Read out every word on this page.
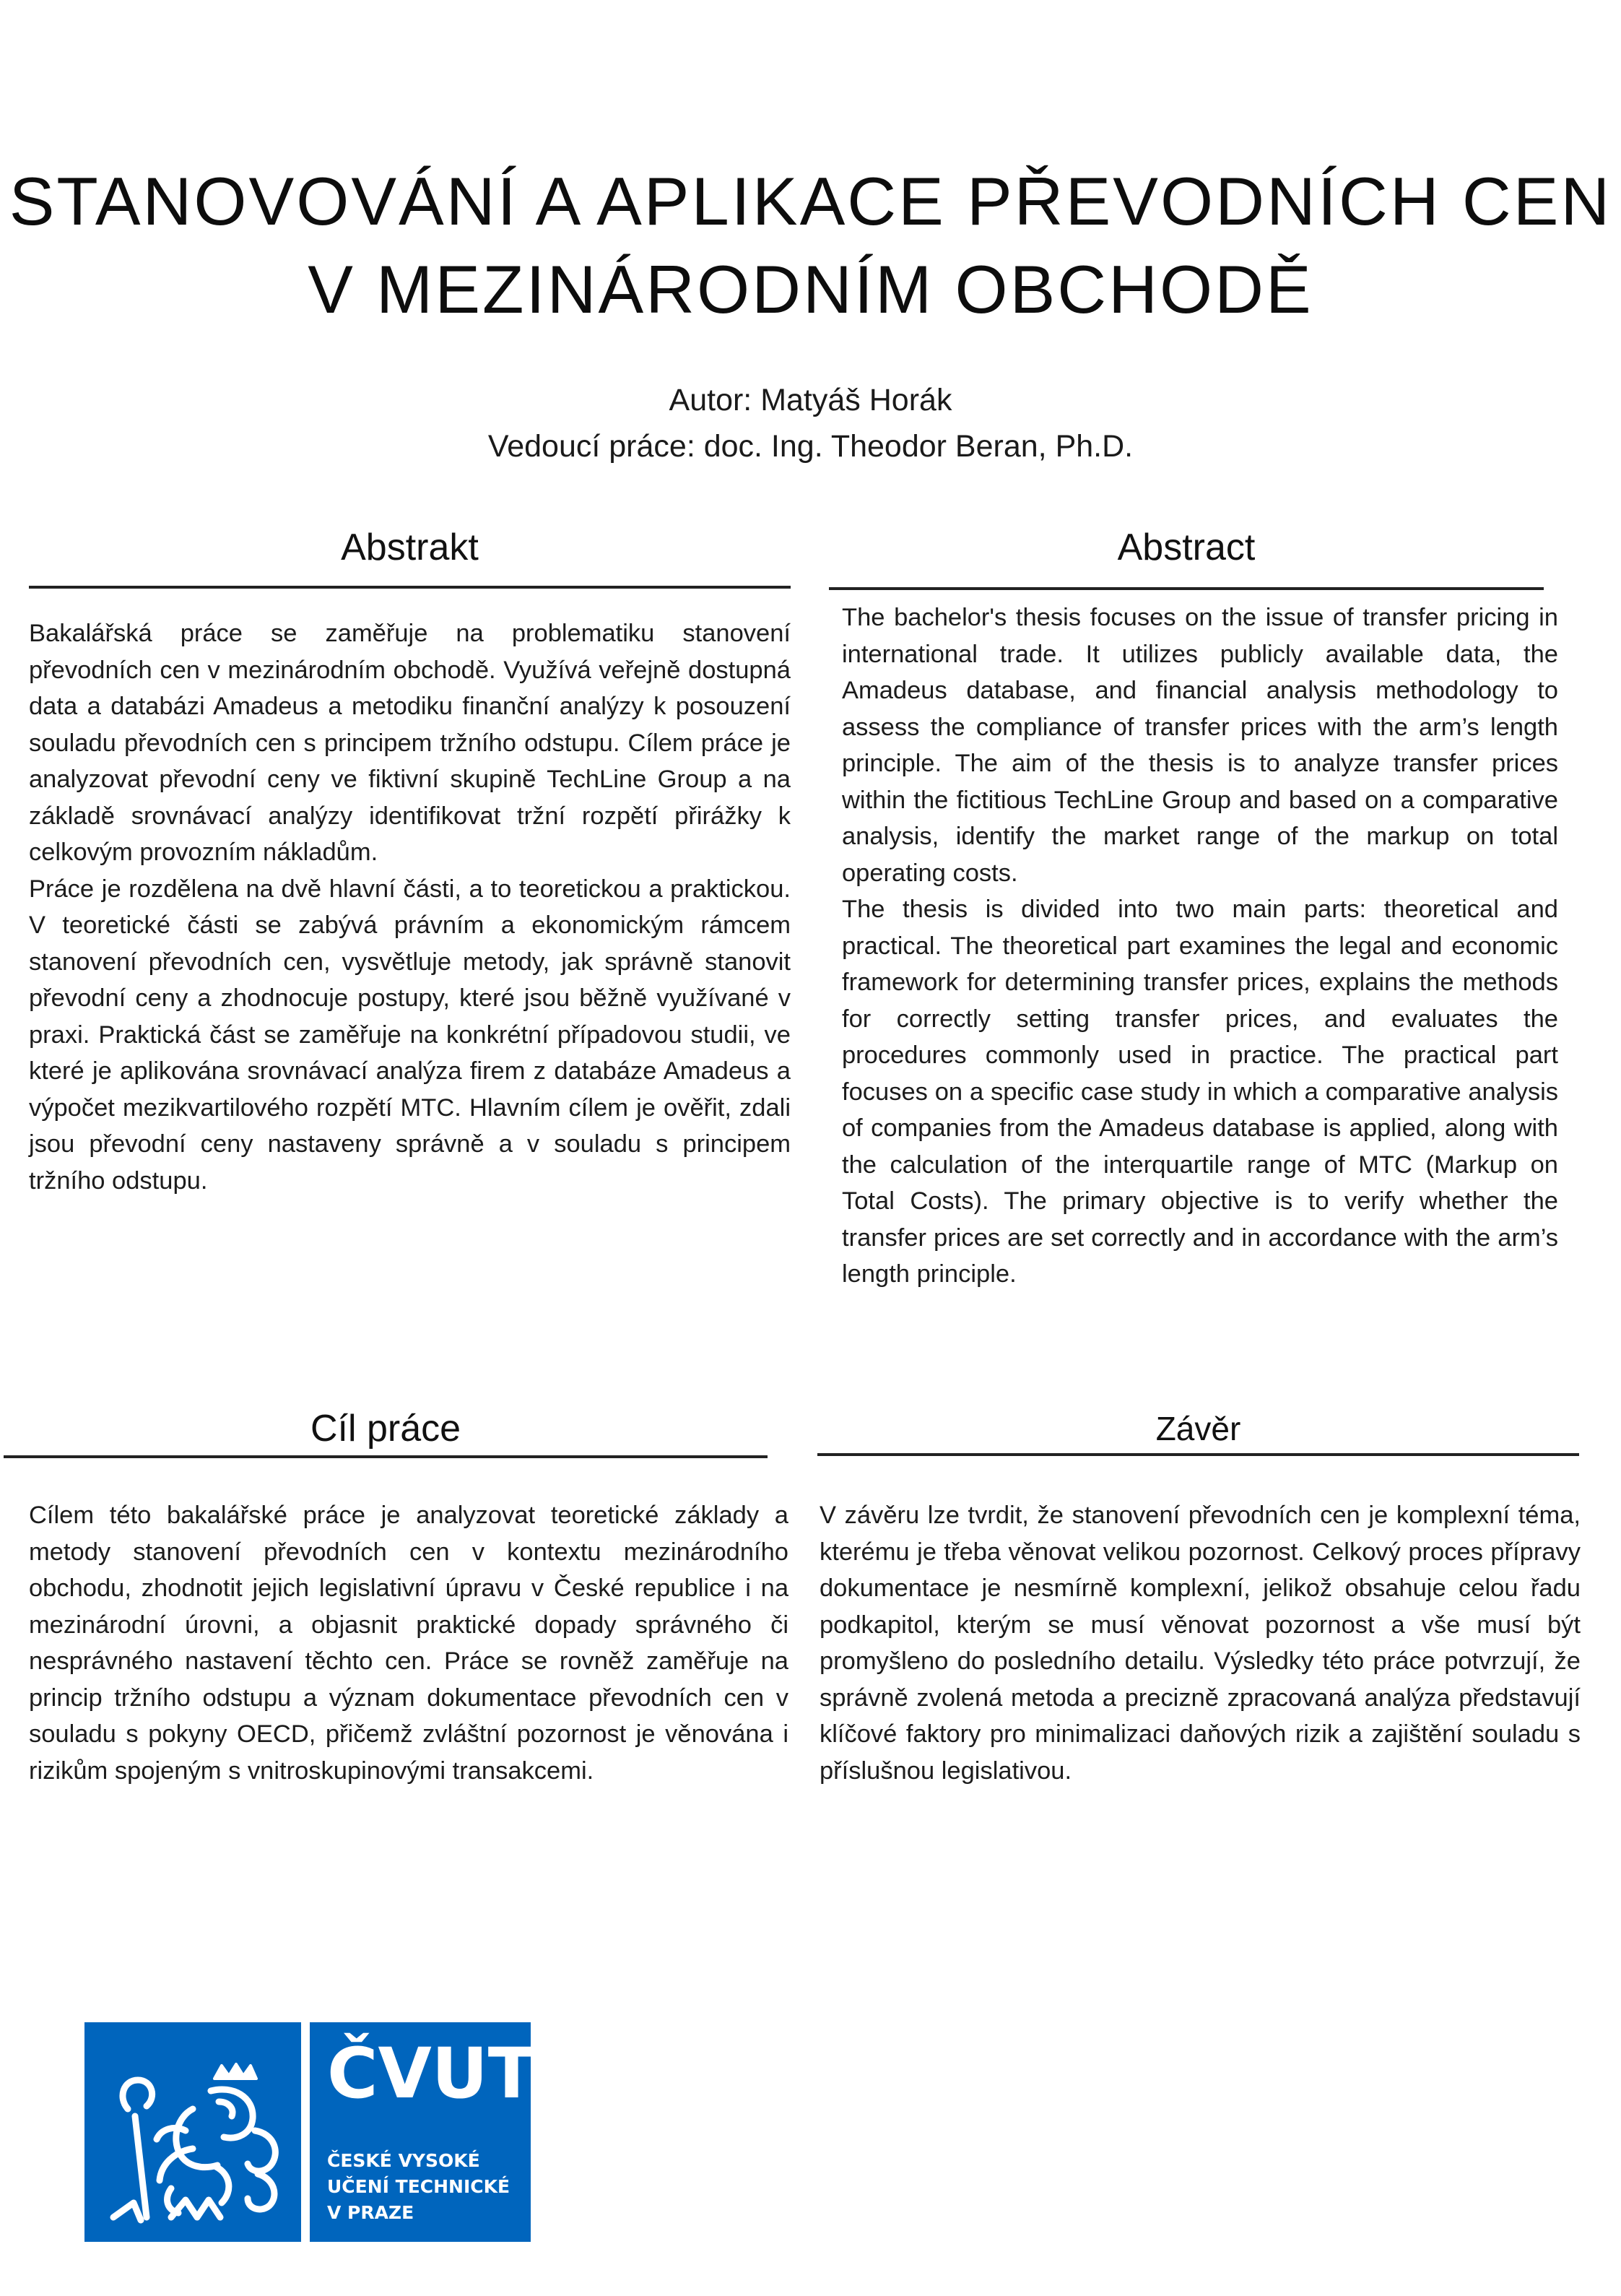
STANOVOVÁNÍ A APLIKACE PŘEVODNÍCH CEN
V MEZINÁRODNÍM OBCHODĚ
Autor: Matyáš Horák
Vedoucí práce: doc. Ing. Theodor Beran, Ph.D.
Abstrakt

Bakalářská práce se zaměřuje na problematiku stanovení převodních cen v mezinárodním obchodě. Využívá veřejně dostupná data a databázi Amadeus a metodiku finanční analýzy k posouzení souladu převodních cen s principem tržního odstupu. Cílem práce je analyzovat převodní ceny ve fiktivní skupině TechLine Group a na základě srovnávací analýzy identifikovat tržní rozpětí přirážky k celkovým provozním nákladům.

Práce je rozdělena na dvě hlavní části, a to teoretickou a praktickou. V teoretické části se zabývá právním a ekonomickým rámcem stanovení převodních cen, vysvětluje metody, jak správně stanovit převodní ceny a zhodnocuje postupy, které jsou běžně využívané v praxi. Praktická část se zaměřuje na konkrétní případovou studii, ve které je aplikována srovnávací analýza firem z databáze Amadeus a výpočet mezikvartilového rozpětí MTC. Hlavním cílem je ověřit, zdali jsou převodní ceny nastaveny správně a v souladu s principem tržního odstupu.

Abstract

The bachelor's thesis focuses on the issue of transfer pricing in international trade. It utilizes publicly available data, the Amadeus database, and financial analysis methodology to assess the compliance of transfer prices with the arm’s length principle. The aim of the thesis is to analyze transfer prices within the fictitious TechLine Group and based on a comparative analysis, identify the market range of the markup on total operating costs.

The thesis is divided into two main parts: theoretical and practical. The theoretical part examines the legal and economic framework for determining transfer prices, explains the methods for correctly setting transfer prices, and evaluates the procedures commonly used in practice. The practical part focuses on a specific case study in which a comparative analysis of companies from the Amadeus database is applied, along with the calculation of the interquartile range of MTC (Markup on Total Costs). The primary objective is to verify whether the transfer prices are set correctly and in accordance with the arm’s length principle.

Cíl práce

Cílem této bakalářské práce je analyzovat teoretické základy a metody stanovení převodních cen v kontextu mezinárodního obchodu, zhodnotit jejich legislativní úpravu v České republice i na mezinárodní úrovni, a objasnit praktické dopady správného či nesprávného nastavení těchto cen. Práce se rovněž zaměřuje na princip tržního odstupu a význam dokumentace převodních cen v souladu s pokyny OECD, přičemž zvláštní pozornost je věnována i rizikům spojeným s vnitroskupinovými transakcemi.

Závěr

V závěru lze tvrdit, že stanovení převodních cen je komplexní téma, kterému je třeba věnovat velikou pozornost. Celkový proces přípravy dokumentace je nesmírně komplexní, jelikož obsahuje celou řadu podkapitol, kterým se musí věnovat pozornost a vše musí být promyšleno do posledního detailu. Výsledky této práce potvrzují, že správně zvolená metoda a precizně zpracovaná analýza představují klíčové faktory pro minimalizaci daňových rizik a zajištění souladu s příslušnou legislativou.

ČVUT
ČESKÉ VYSOKÉ
UČENÍ TECHNICKÉ
V PRAZE
